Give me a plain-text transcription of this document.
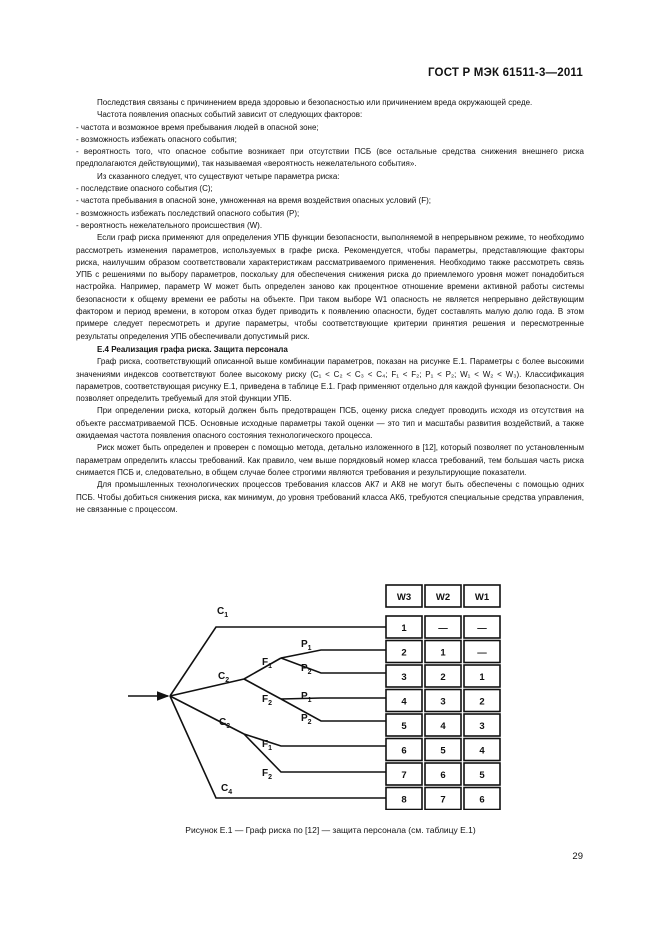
ГОСТ Р МЭК 61511-3—2011

Последствия связаны с причинением вреда здоровью и безопасностью или причинением вреда окружающей среде.

Частота появления опасных событий зависит от следующих факторов:

- частота и возможное время пребывания людей в опасной зоне;

- возможность избежать опасного события;

- вероятность того, что опасное событие возникает при отсутствии ПСБ (все остальные средства снижения внешнего риска предполагаются действующими), так называемая «вероятность нежелательного события».

Из сказанного следует, что существуют четыре параметра риска:

- последствие опасного события (C);

- частота пребывания в опасной зоне, умноженная на время воздействия опасных условий (F);

- возможность избежать последствий опасного события (P);

- вероятность нежелательного происшествия (W).

Если граф риска применяют для определения УПБ функции безопасности, выполняемой в непрерывном режиме, то необходимо рассмотреть изменения параметров, используемых в графе риска. Рекомендуется, чтобы параметры, представляющие факторы риска, наилучшим образом соответствовали характеристикам рассматриваемого применения. Необходимо также рассмотреть связь УПБ с решениями по выбору параметров, поскольку для обеспечения снижения риска до приемлемого уровня может понадобиться настройка. Например, параметр W может быть определен заново как процентное отношение времени активной работы системы безопасности к общему времени ее работы на объекте. При таком выборе W1 опасность не является непрерывно действующим фактором и период времени, в котором отказ будет приводить к появлению опасности, будет составлять малую долю года. В этом примере следует пересмотреть и другие параметры, чтобы соответствующие критерии принятия решения и пересмотренные результаты определения УПБ обеспечивали допустимый риск.

Е.4 Реализация графа риска. Защита персонала

Граф риска, соответствующий описанной выше комбинации параметров, показан на рисунке Е.1. Параметры с более высокими значениями индексов соответствуют более высокому риску (C₁ < C₂ < C₃ < C₄; F₁ < F₂; P₁ < P₂; W₁ < W₂ < W₃). Классификация параметров, соответствующая рисунку Е.1, приведена в таблице Е.1. Граф применяют отдельно для каждой функции безопасности. Он позволяет определить требуемый для этой функции УПБ.

При определении риска, который должен быть предотвращен ПСБ, оценку риска следует проводить исходя из отсутствия на объекте рассматриваемой ПСБ. Основные исходные параметры такой оценки — это тип и масштабы развития воздействий, а также ожидаемая частота появления опасного состояния технологического процесса.

Риск может быть определен и проверен с помощью метода, детально изложенного в [12], который позволяет по установленным параметрам определить классы требований. Как правило, чем выше порядковый номер класса требований, тем большая часть риска снимается ПСБ и, следовательно, в общем случае более строгими являются требования и результирующие показатели.

Для промышленных технологических процессов требования классов АК7 и АК8 не могут быть обеспечены с помощью одних ПСБ. Чтобы добиться снижения риска, как минимум, до уровня требований класса АК6, требуются специальные средства управления, не связанные с процессом.

$C_1$
$C_2$
$C_3$
$C_4$
$F_1$
$F_2$
$F_1$
$F_2$
$P_1$
$P_2$
$P_1$
$P_2$
W3	W2	W1
1	—	—
2	1	—
3	2	1
4	3	2
5	4	3
6	5	4
7	6	5
8	7	6
Рисунок Е.1 — Граф риска по [12] — защита персонала (см. таблицу Е.1)
29
